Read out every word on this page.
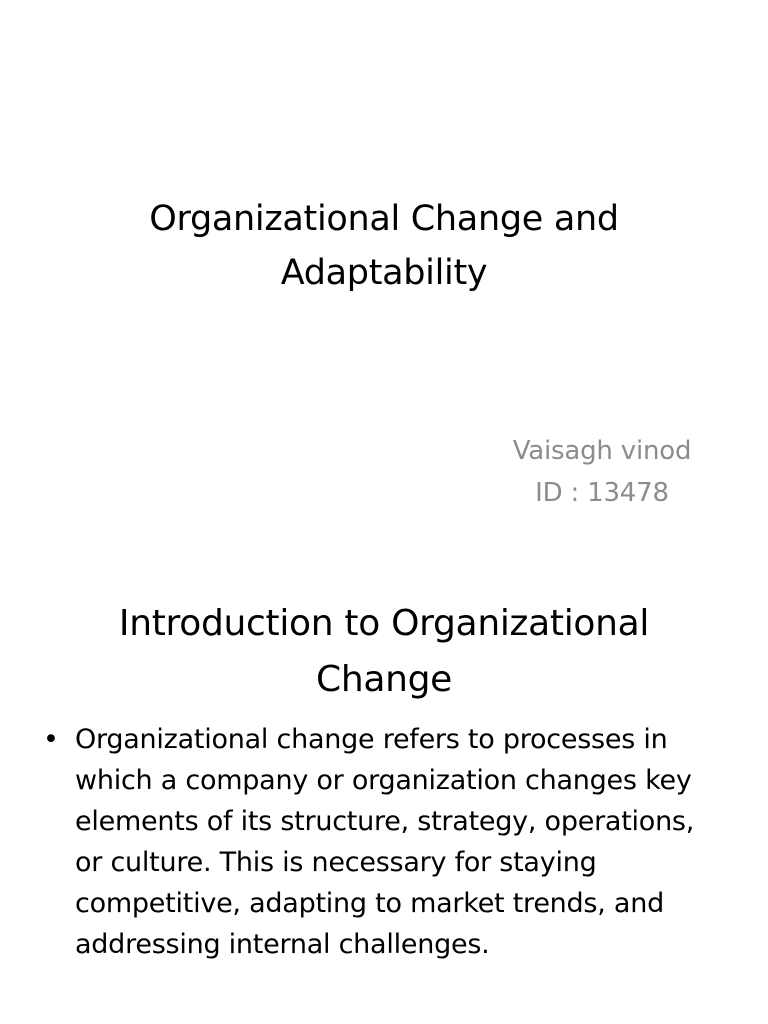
Organizational Change and
Adaptability
Vaisagh vinod
ID : 13478
Introduction to Organizational
Change
• Organizational change refers to processes in
which a company or organization changes key
elements of its structure, strategy, operations,
or culture. This is necessary for staying
competitive, adapting to market trends, and
addressing internal challenges.
